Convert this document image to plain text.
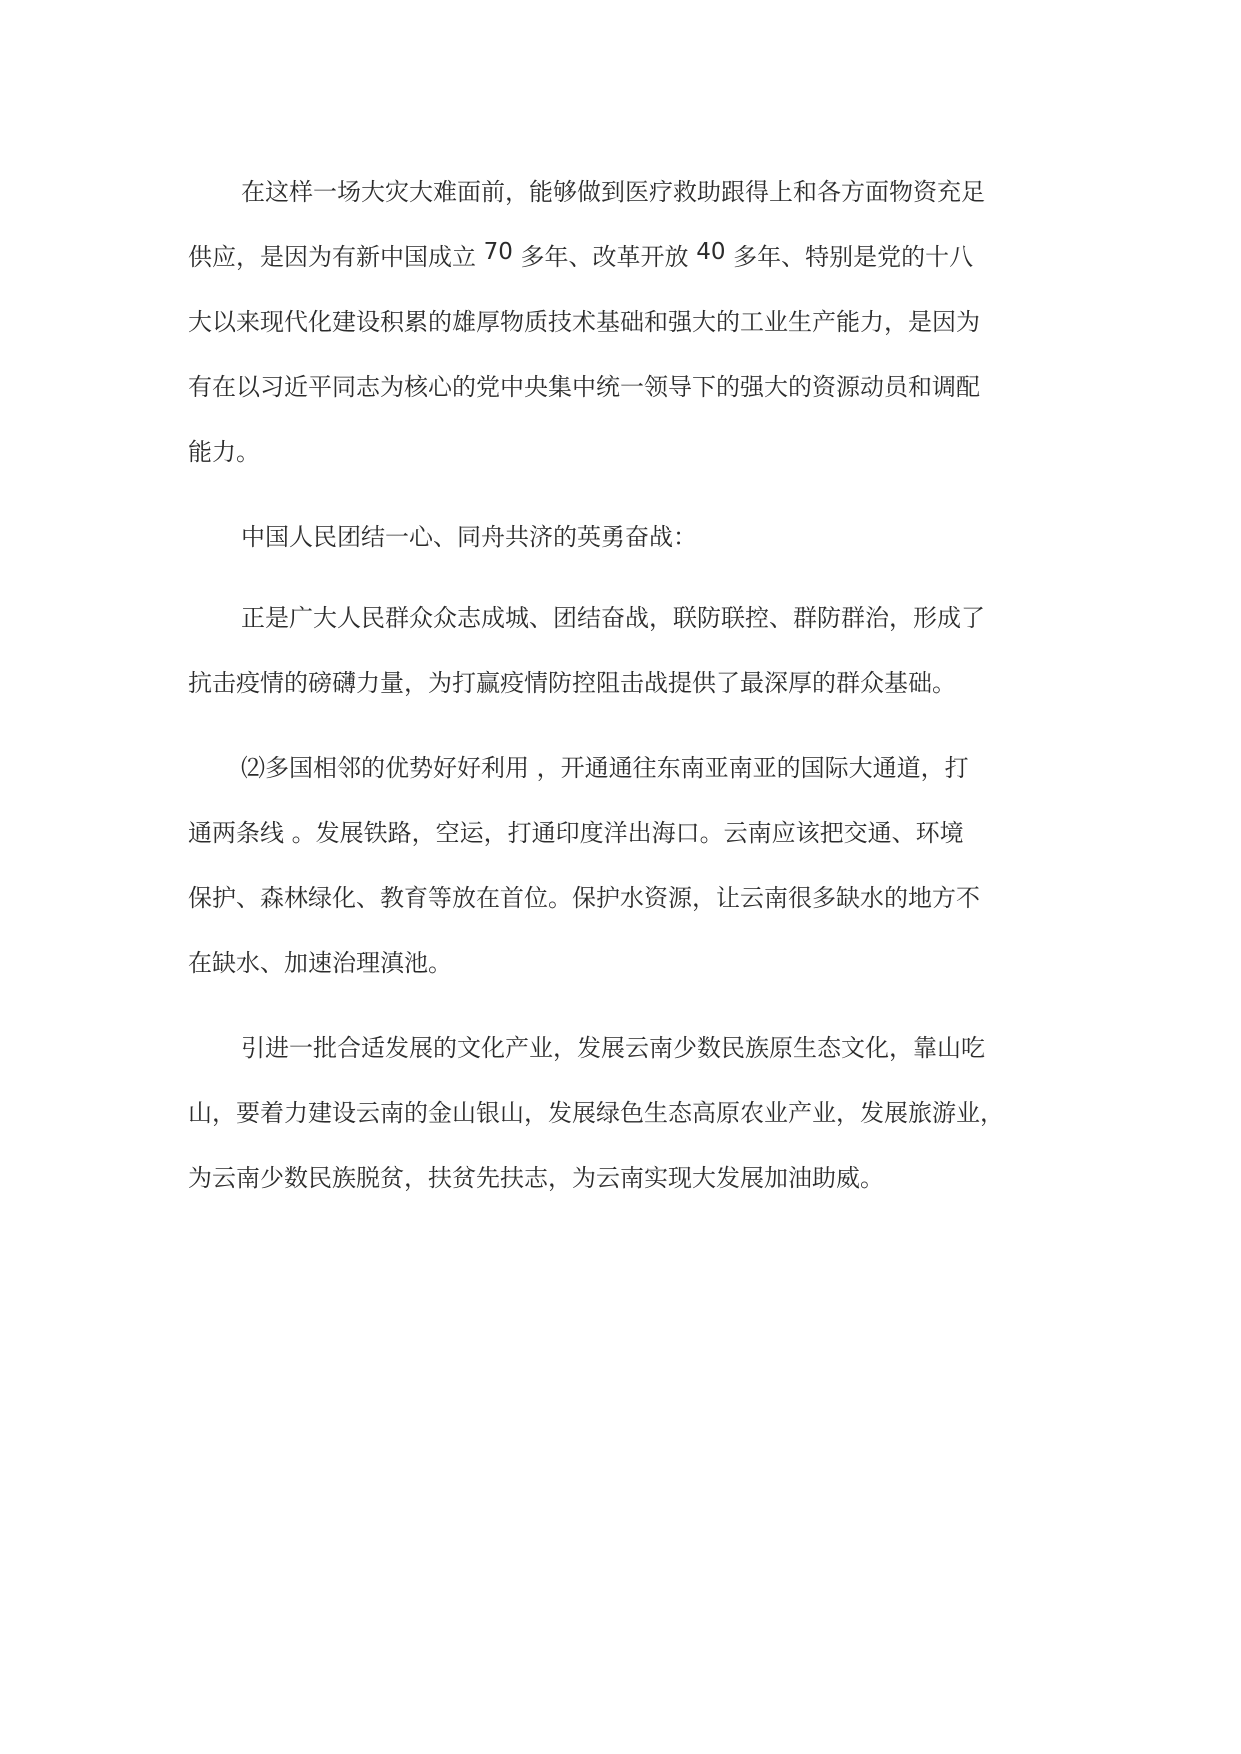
在这样一场大灾大难面前，能够做到医疗救助跟得上和各方面物资充足
供应，是因为有新中国成立 70 多年、改革开放 40 多年、特别是党的十八
大以来现代化建设积累的雄厚物质技术基础和强大的工业生产能力，是因为
有在以习近平同志为核心的党中央集中统一领导下的强大的资源动员和调配
能力。
中国人民团结一心、同舟共济的英勇奋战：
正是广大人民群众众志成城、团结奋战，联防联控、群防群治，形成了
抗击疫情的磅礴力量，为打赢疫情防控阻击战提供了最深厚的群众基础。
⑵多国相邻的优势好好利用 ，开通通往东南亚南亚的国际大通道，打
通两条线 。发展铁路，空运，打通印度洋出海口。云南应该把交通、环境
保护、森林绿化、教育等放在首位。保护水资源，让云南很多缺水的地方不
在缺水、加速治理滇池。
引进一批合适发展的文化产业，发展云南少数民族原生态文化，靠山吃
山，要着力建设云南的金山银山，发展绿色生态高原农业产业，发展旅游业，
为云南少数民族脱贫，扶贫先扶志，为云南实现大发展加油助威。
